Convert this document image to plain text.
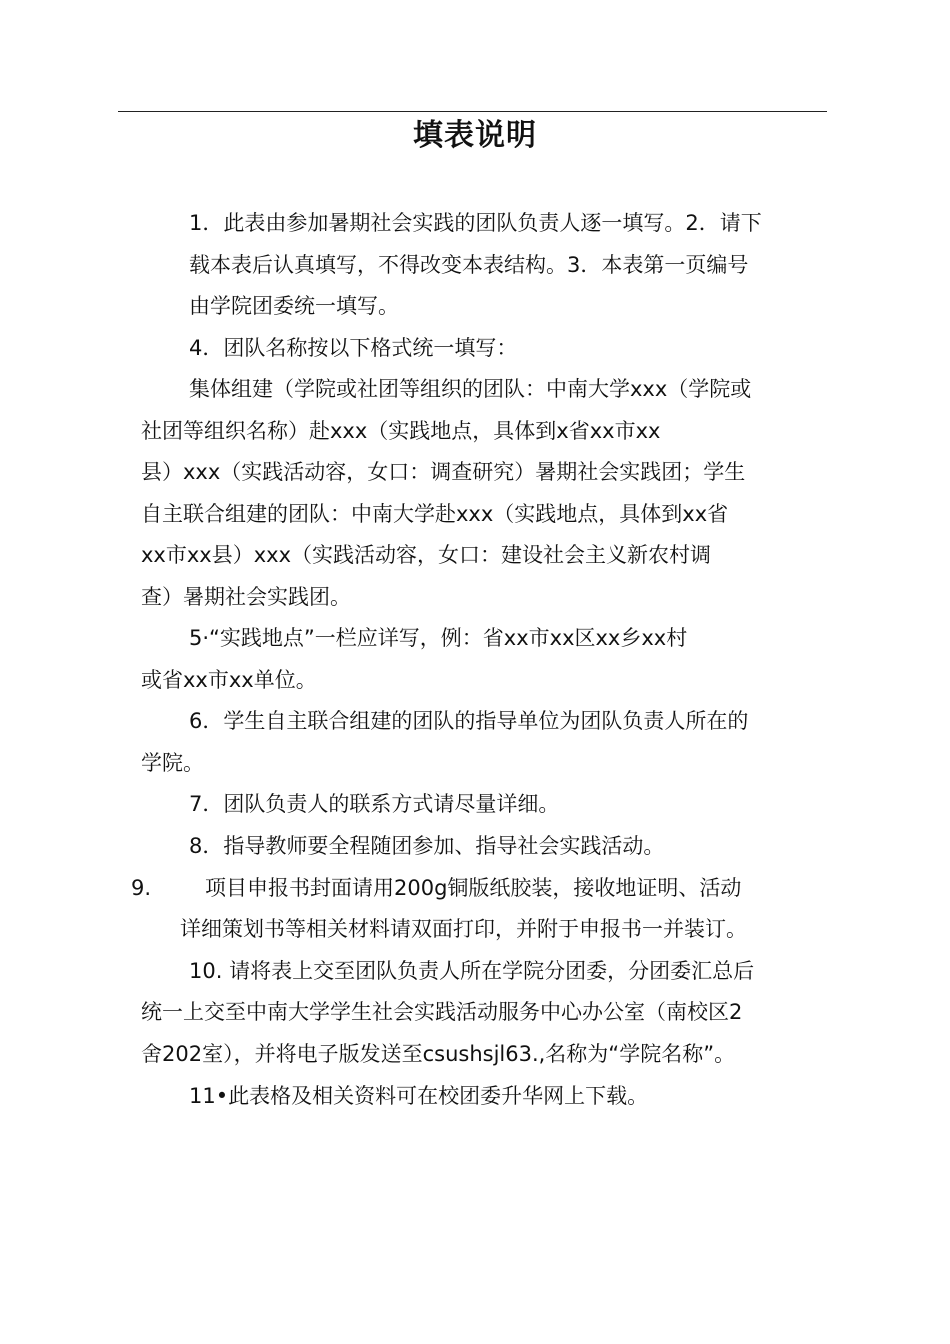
填表说明
1．此表由参加暑期社会实践的团队负责人逐一填写。2．请下
载本表后认真填写，不得改变本表结构。3．本表第一页编号
由学院团委统一填写。
4．团队名称按以下格式统一填写：
集体组建（学院或社团等组织的团队：中南大学xxx（学院或
社团等组织名称）赴xxx（实践地点，具体到x省xx市xx
县）xxx（实践活动容，女口：调查研究）暑期社会实践团；学生
自主联合组建的团队：中南大学赴xxx（实践地点，具体到xx省
xx市xx县）xxx（实践活动容，女口：建设社会主义新农村调
查）暑期社会实践团。
5·“实践地点”一栏应详写，例：省xx市xx区xx乡xx村
或省xx市xx单位。
6．学生自主联合组建的团队的指导单位为团队负责人所在的
学院。
7．团队负责人的联系方式请尽量详细。
8．指导教师要全程随团参加、指导社会实践活动。
9.	项目申报书封面请用200g铜版纸胶装，接收地证明、活动
详细策划书等相关材料请双面打印，并附于申报书一并装订。
10. 请将表上交至团队负责人所在学院分团委，分团委汇总后
统一上交至中南大学学生社会实践活动服务中心办公室（南校区2
舍202室），并将电子版发送至csushsjl63.,名称为“学院名称”。
11•此表格及相关资料可在校团委升华网上下载。
